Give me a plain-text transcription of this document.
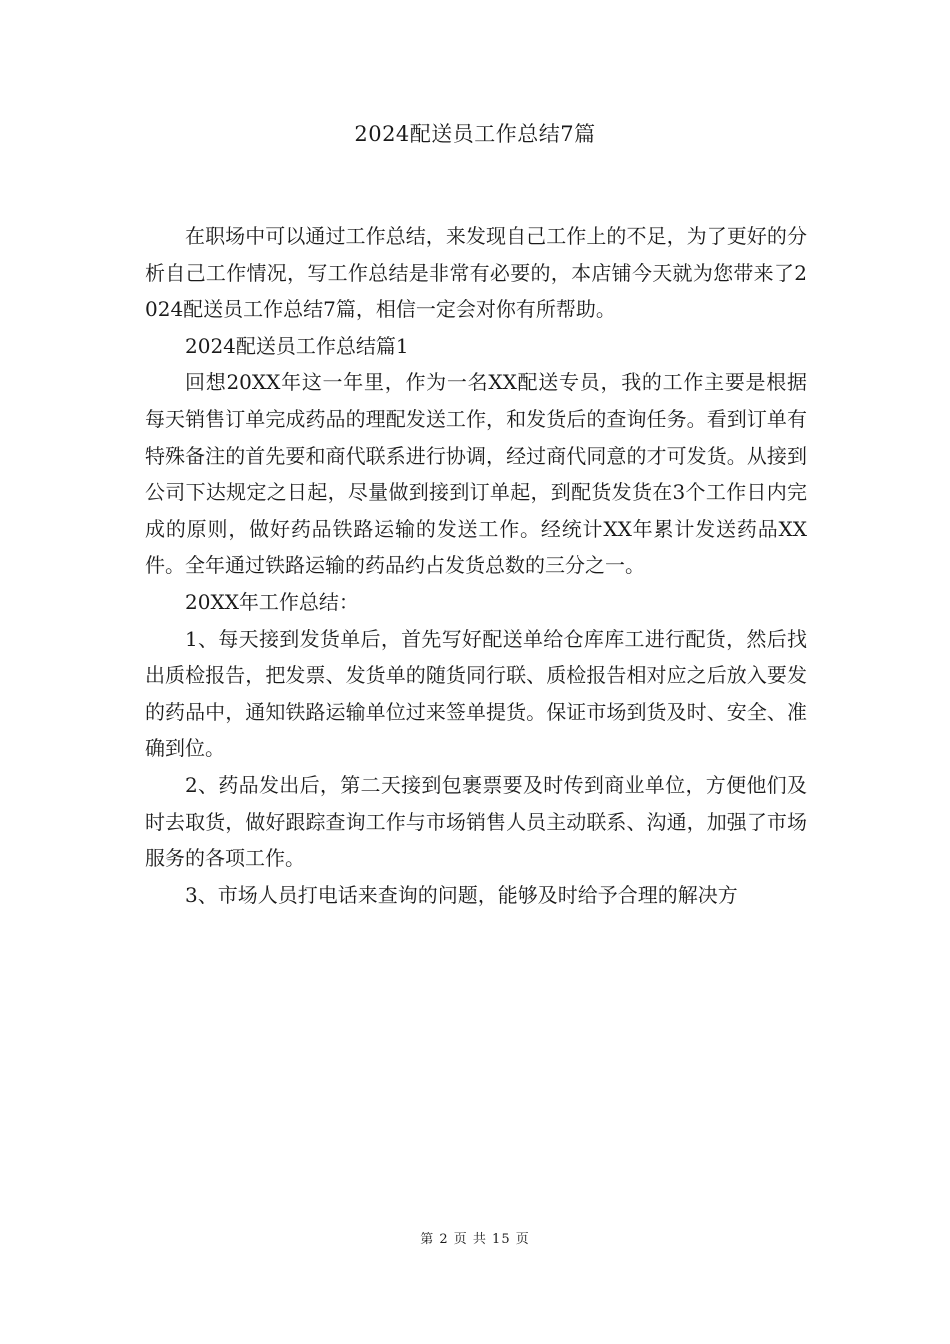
2024配送员工作总结7篇

在职场中可以通过工作总结，来发现自己工作上的不足，为了更好的分析自己工作情况，写工作总结是非常有必要的，本店铺今天就为您带来了2024配送员工作总结7篇，相信一定会对你有所帮助。

2024配送员工作总结篇1

回想20XX年这一年里，作为一名XX配送专员，我的工作主要是根据每天销售订单完成药品的理配发送工作，和发货后的查询任务。看到订单有特殊备注的首先要和商代联系进行协调，经过商代同意的才可发货。从接到公司下达规定之日起，尽量做到接到订单起，到配货发货在3个工作日内完成的原则，做好药品铁路运输的发送工作。经统计XX年累计发送药品XX件。全年通过铁路运输的药品约占发货总数的三分之一。

20XX年工作总结：

1、每天接到发货单后，首先写好配送单给仓库库工进行配货，然后找出质检报告，把发票、发货单的随货同行联、质检报告相对应之后放入要发的药品中，通知铁路运输单位过来签单提货。保证市场到货及时、安全、准确到位。

2、药品发出后，第二天接到包裹票要及时传到商业单位，方便他们及时去取货，做好跟踪查询工作与市场销售人员主动联系、沟通，加强了市场服务的各项工作。

3、市场人员打电话来查询的问题，能够及时给予合理的解决方

第 2 页 共 15 页
